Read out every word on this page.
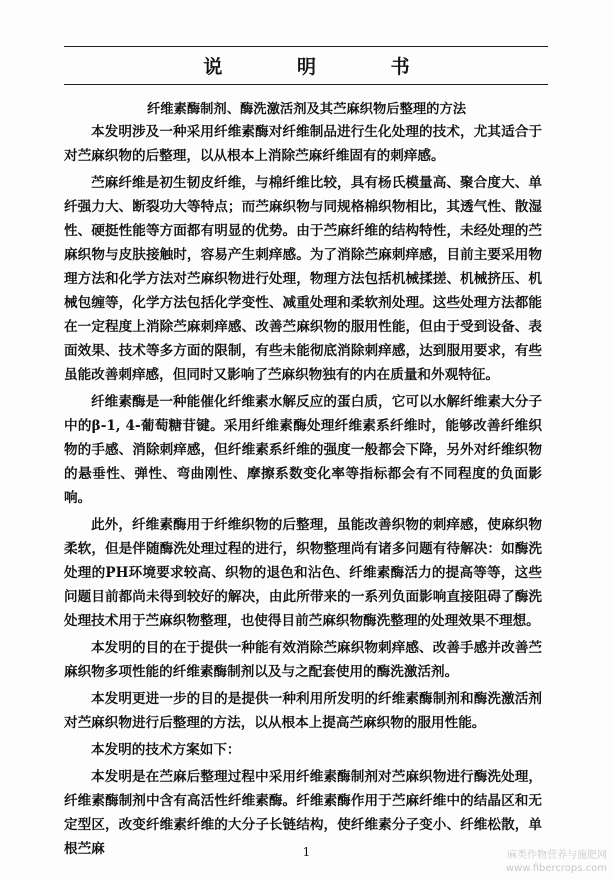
说 明 书
纤维素酶制剂、酶洗激活剂及其苎麻织物后整理的方法

本发明涉及一种采用纤维素酶对纤维制品进行生化处理的技术，尤其适合于对苎麻织物的后整理，以从根本上消除苎麻纤维固有的刺痒感。

苎麻纤维是初生韧皮纤维，与棉纤维比较，具有杨氏模量高、聚合度大、单纤强力大、断裂功大等特点；而苎麻织物与同规格棉织物相比，其透气性、散湿性、硬挺性能等方面都有明显的优势。由于苎麻纤维的结构特性，未经处理的苎麻织物与皮肤接触时，容易产生刺痒感。为了消除苎麻刺痒感，目前主要采用物理方法和化学方法对苎麻织物进行处理，物理方法包括机械揉搓、机械挤压、机械包缠等，化学方法包括化学变性、减重处理和柔软剂处理。这些处理方法都能在一定程度上消除苎麻刺痒感、改善苎麻织物的服用性能，但由于受到设备、表面效果、技术等多方面的限制，有些未能彻底消除刺痒感，达到服用要求，有些虽能改善刺痒感，但同时又影响了苎麻织物独有的内在质量和外观特征。

纤维素酶是一种能催化纤维素水解反应的蛋白质，它可以水解纤维素大分子中的β-1, 4-葡萄糖苷键。采用纤维素酶处理纤维素系纤维时，能够改善纤维织物的手感、消除刺痒感，但纤维素系纤维的强度一般都会下降，另外对纤维织物的悬垂性、弹性、弯曲刚性、摩擦系数变化率等指标都会有不同程度的负面影响。

此外，纤维素酶用于纤维织物的后整理，虽能改善织物的刺痒感，使麻织物柔软，但是伴随酶洗处理过程的进行，织物整理尚有诸多问题有待解决：如酶洗处理的PH环境要求较高、织物的退色和沾色、纤维素酶活力的提高等等，这些问题目前都尚未得到较好的解决，由此所带来的一系列负面影响直接阻碍了酶洗处理技术用于苎麻织物整理，也使得目前苎麻织物酶洗整理的处理效果不理想。

本发明的目的在于提供一种能有效消除苎麻织物刺痒感、改善手感并改善苎麻织物多项性能的纤维素酶制剂以及与之配套使用的酶洗激活剂。

本发明更进一步的目的是提供一种利用所发明的纤维素酶制剂和酶洗激活剂对苎麻织物进行后整理的方法，以从根本上提高苎麻织物的服用性能。

本发明的技术方案如下：

本发明是在苎麻后整理过程中采用纤维素酶制剂对苎麻织物进行酶洗处理，纤维素酶制剂中含有高活性纤维素酶。纤维素酶作用于苎麻纤维中的结晶区和无定型区，改变纤维素纤维的大分子长链结构，使纤维素分子变小、纤维松散，单根苎麻	1	麻类作物营养与施肥网
www.fibercrops.com
